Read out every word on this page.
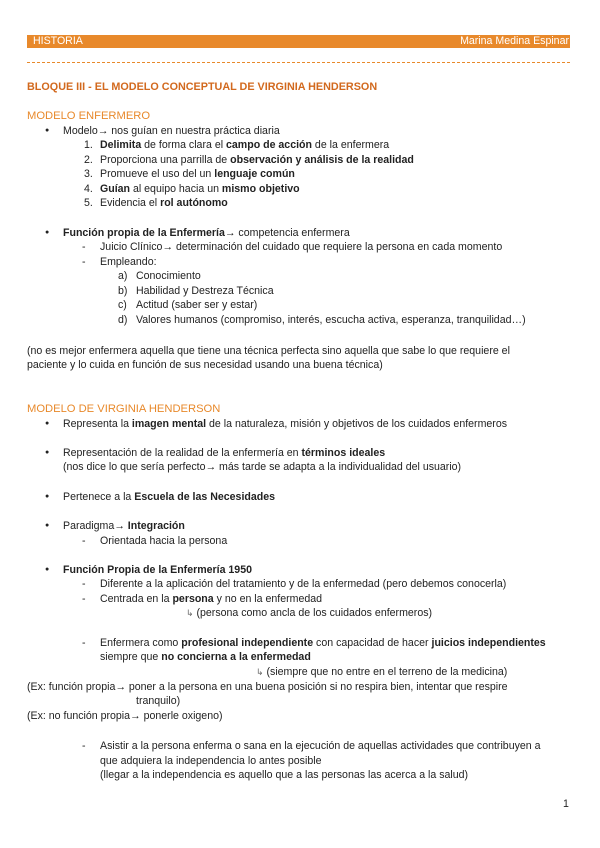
HISTORIA	Marina Medina Espinar
BLOQUE III - EL MODELO CONCEPTUAL DE VIRGINIA HENDERSON
MODELO ENFERMERO
● Modelo→ nos guían en nuestra práctica diaria
1. Delimita de forma clara el campo de acción de la enfermera
2. Proporciona una parrilla de observación y análisis de la realidad
3. Promueve el uso del un lenguaje común
4. Guían al equipo hacia un mismo objetivo
5. Evidencia el rol autónomo
● Función propia de la Enfermería→ competencia enfermera
- Juicio Clínico→ determinación del cuidado que requiere la persona en cada momento
- Empleando:
a) Conocimiento
b) Habilidad y Destreza Técnica
c) Actitud (saber ser y estar)
d) Valores humanos (compromiso, interés, escucha activa, esperanza, tranquilidad…)
(no es mejor enfermera aquella que tiene una técnica perfecta sino aquella que sabe lo que requiere el
paciente y lo cuida en función de sus necesidad usando una buena técnica)
MODELO DE VIRGINIA HENDERSON
● Representa la imagen mental de la naturaleza, misión y objetivos de los cuidados enfermeros
● Representación de la realidad de la enfermería en términos ideales
(nos dice lo que sería perfecto→ más tarde se adapta a la individualidad del usuario)
● Pertenece a la Escuela de las Necesidades
● Paradigma→ Integración
- Orientada hacia la persona
● Función Propia de la Enfermería 1950
- Diferente a la aplicación del tratamiento y de la enfermedad (pero debemos conocerla)
- Centrada en la persona y no en la enfermedad
↳ (persona como ancla de los cuidados enfermeros)
- Enfermera como profesional independiente con capacidad de hacer juicios independientes
siempre que no concierna a la enfermedad
↳ (siempre que no entre en el terreno de la medicina)
(Ex: función propia→ poner a la persona en una buena posición si no respira bien, intentar que respire
tranquilo)
(Ex: no función propia→ ponerle oxigeno)
- Asistir a la persona enferma o sana en la ejecución de aquellas actividades que contribuyen a
que adquiera la independencia lo antes posible
(llegar a la independencia es aquello que a las personas las acerca a la salud)
1
